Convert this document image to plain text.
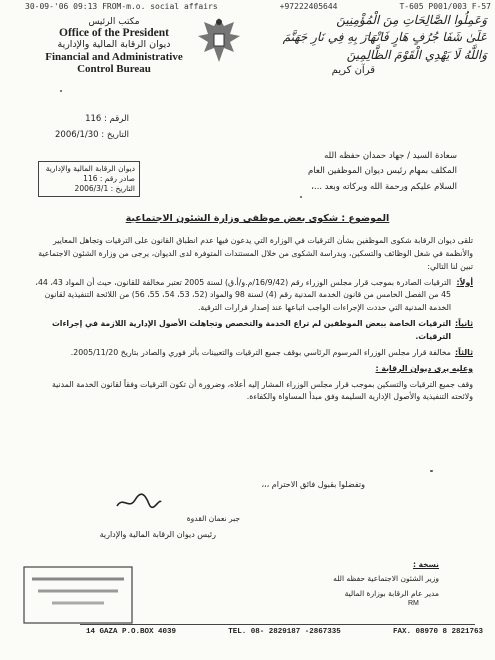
30-09-'06 09:13 FROM-m.o. social affairs	+97222405644	T-605 P001/003 F-57
مكتب الرئيس
Office of the President
ديوان الرقابة المالية والإدارية
Financial and Administrative
Control Bureau
وَعَمِلُوا الصَّالِحَاتِ مِنَ الْمُؤْمِنِينَ
عَلَىٰ شَفَا جُرُفٍ هَارٍ فَانْهَارَ بِهِ فِي نَارِ جَهَنَّمَ
وَاللَّهُ لَا يَهْدِي الْقَوْمَ الظَّالِمِينَ
قرآن كريم
الرقم : 116
التاريخ : 2006/1/30
ديوان الرقابة المالية والإدارية
صادر رقم : 116
التاريخ : 2006/3/1
سعادة السيد / جهاد حمدان حفظه الله
المكلف بمهام رئيس ديوان الموظفين العام
السلام عليكم ورحمة الله وبركاته وبعد ...،
الموضوع : شكوى بعض موظفي وزارة الشئون الاجتماعية

تلقى ديوان الرقابة شكوى الموظفين بشأن الترقيات في الوزارة التي يدعون فيها عدم انطباق القانون على الترقيات وتجاهل المعايير والأنظمة في شغل الوظائف والتسكين، وبدراسة الشكوى من خلال المستندات المتوفرة لدى الديوان، يرجى من وزارة الشئون الاجتماعية تبين لنا التالي:

أولاً:
الترقيات الصادرة بموجب قرار مجلس الوزراء رقم (16/9/42/م.و/أ.ق) لسنة 2005 تعتبر مخالفة للقانون، حيث أن المواد 43، 44، 45 من الفصل الخامس من قانون الخدمة المدنية رقم (4) لسنة 98 والمواد (52، 53، 54، 55، 56) من اللائحة التنفيذية لقانون الخدمة المدنية التي حددت الإجراءات الواجب اتباعها عند إصدار قرارات الترقية.
ثانياً:
الترقيات الخاصة ببعض الموظفين لم تراع الخدمة والتخصص وتجاهلت الأصول الإدارية اللازمة في إجراءات الترقيات.
ثالثاً:
مخالفة قرار مجلس الوزراء المرسوم الرئاسي بوقف جميع الترقيات والتعيينات بأثر فوري والصادر بتاريخ 2005/11/20.
وعليه يرى ديوان الرقابة :

وقف جميع الترقيات والتسكين بموجب قرار مجلس الوزراء المشار إليه أعلاه، وضرورة أن تكون الترقيات وفقاً لقانون الخدمة المدنية ولائحته التنفيذية والأصول الإدارية السليمة وفق مبدأ المساواة والكفاءة.

وتفضلوا بقبول فائق الاحترام ،،،
جبر نعمان القدوة
رئيس ديوان الرقابة المالية والإدارية
نسخة :
وزير الشئون الاجتماعية حفظه الله
مدير عام الرقابة بوزارة المالية
RM
14 GAZA P.O.BOX 4039	TEL. 08- 2829187 -2867335	FAX. 08970 8 2821763
